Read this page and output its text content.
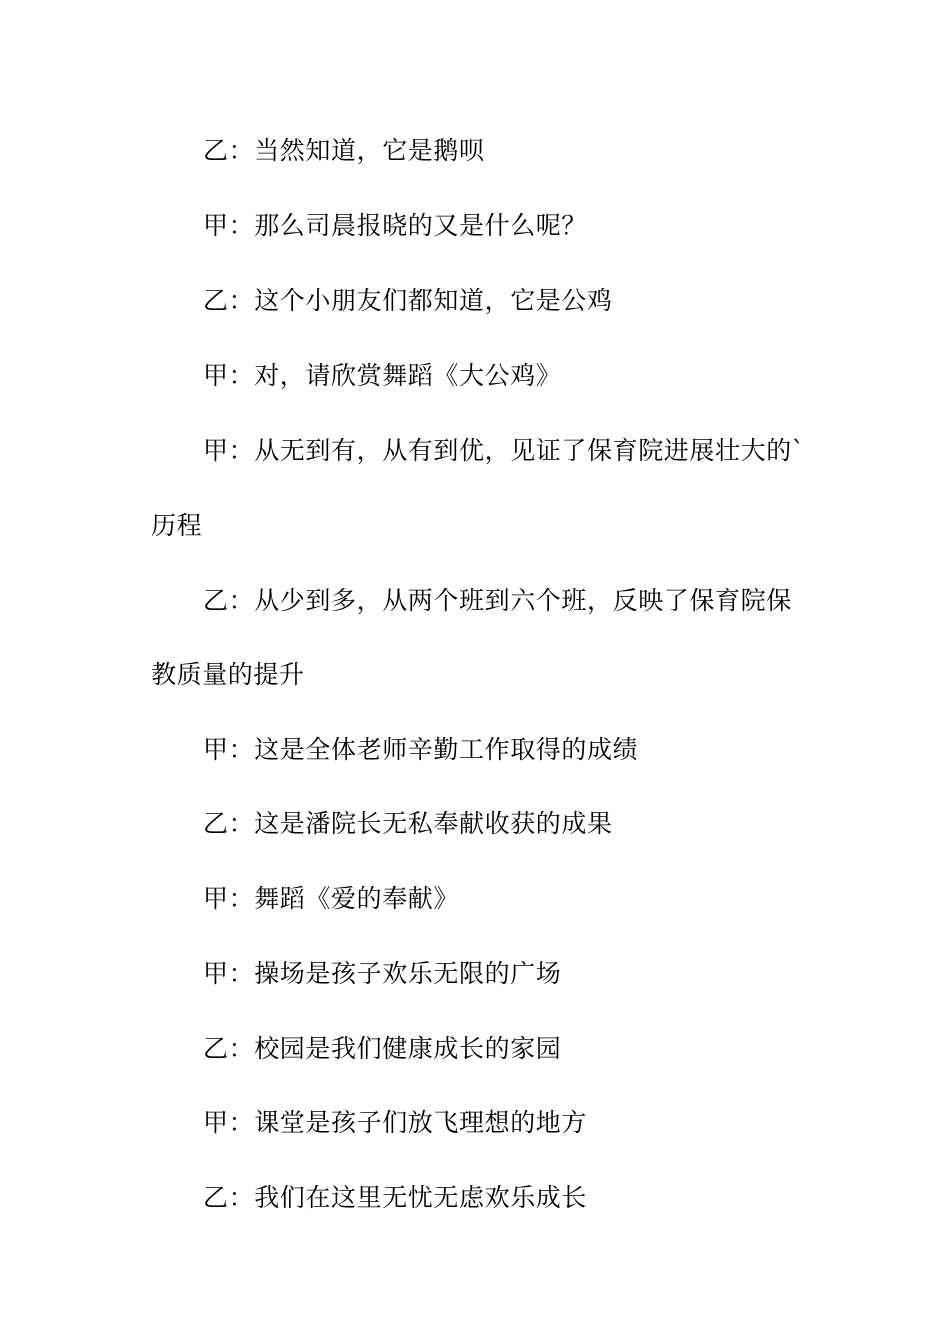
乙：当然知道，它是鹅呗
甲：那么司晨报晓的又是什么呢？
乙：这个小朋友们都知道，它是公鸡
甲：对，请欣赏舞蹈《大公鸡》
甲：从无到有，从有到优，见证了保育院进展壮大的`
历程
乙：从少到多，从两个班到六个班，反映了保育院保
教质量的提升
甲：这是全体老师辛勤工作取得的成绩
乙：这是潘院长无私奉献收获的成果
甲：舞蹈《爱的奉献》
甲：操场是孩子欢乐无限的广场
乙：校园是我们健康成长的家园
甲：课堂是孩子们放飞理想的地方
乙：我们在这里无忧无虑欢乐成长
